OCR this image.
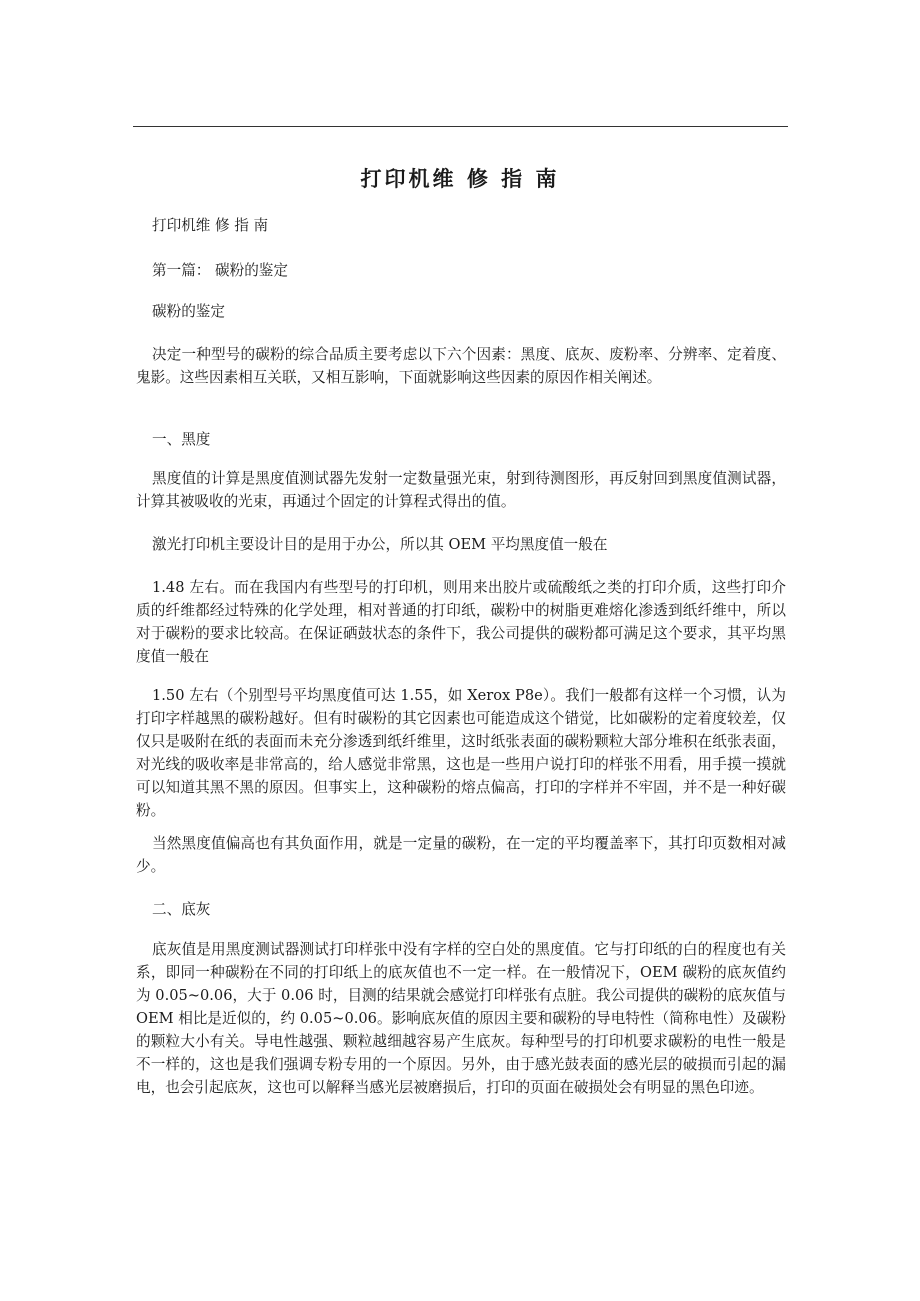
打印机维 修 指 南

打印机维 修 指 南

第一篇： 碳粉的鉴定

碳粉的鉴定

决定一种型号的碳粉的综合品质主要考虑以下六个因素：黑度、底灰、废粉率、分辨率、定着度、鬼影。这些因素相互关联，又相互影响，下面就影响这些因素的原因作相关阐述。

一、黑度

黑度值的计算是黑度值测试器先发射一定数量强光束，射到待测图形，再反射回到黑度值测试器，计算其被吸收的光束，再通过个固定的计算程式得出的值。

激光打印机主要设计目的是用于办公，所以其 OEM 平均黑度值一般在

1.48 左右。而在我国内有些型号的打印机，则用来出胶片或硫酸纸之类的打印介质，这些打印介质的纤维都经过特殊的化学处理，相对普通的打印纸，碳粉中的树脂更难熔化渗透到纸纤维中，所以对于碳粉的要求比较高。在保证硒鼓状态的条件下，我公司提供的碳粉都可满足这个要求，其平均黑度值一般在

1.50 左右（个别型号平均黑度值可达 1.55，如 Xerox P8e）。我们一般都有这样一个习惯，认为打印字样越黑的碳粉越好。但有时碳粉的其它因素也可能造成这个错觉，比如碳粉的定着度较差，仅仅只是吸附在纸的表面而未充分渗透到纸纤维里，这时纸张表面的碳粉颗粒大部分堆积在纸张表面，对光线的吸收率是非常高的，给人感觉非常黑，这也是一些用户说打印的样张不用看，用手摸一摸就可以知道其黑不黑的原因。但事实上，这种碳粉的熔点偏高，打印的字样并不牢固，并不是一种好碳粉。

当然黑度值偏高也有其负面作用，就是一定量的碳粉，在一定的平均覆盖率下，其打印页数相对减少。

二、底灰

底灰值是用黑度测试器测试打印样张中没有字样的空白处的黑度值。它与打印纸的白的程度也有关系，即同一种碳粉在不同的打印纸上的底灰值也不一定一样。在一般情况下，OEM 碳粉的底灰值约为 0.05~0.06，大于 0.06 时，目测的结果就会感觉打印样张有点脏。我公司提供的碳粉的底灰值与 OEM 相比是近似的，约 0.05~0.06。影响底灰值的原因主要和碳粉的导电特性（简称电性）及碳粉的颗粒大小有关。导电性越强、颗粒越细越容易产生底灰。每种型号的打印机要求碳粉的电性一般是不一样的，这也是我们强调专粉专用的一个原因。另外，由于感光鼓表面的感光层的破损而引起的漏电，也会引起底灰，这也可以解释当感光层被磨损后，打印的页面在破损处会有明显的黑色印迹。
